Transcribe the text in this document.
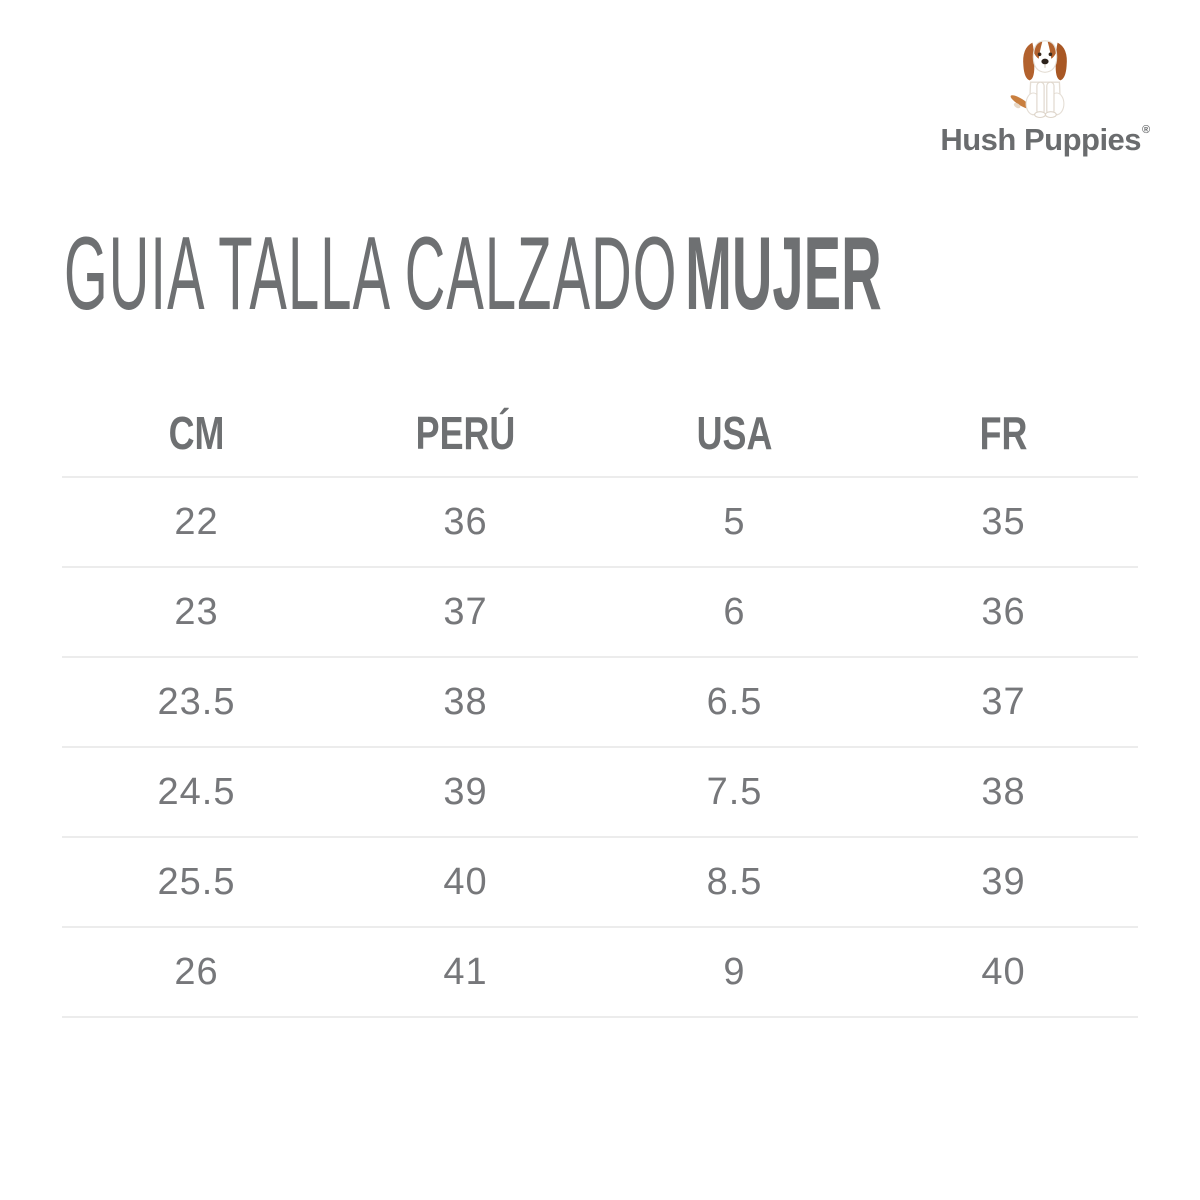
Hush Puppies®
GUIA TALLA CALZADOMUJER
CM	PERÚ	USA	FR
22	36	5	35
23	37	6	36
23.5	38	6.5	37
24.5	39	7.5	38
25.5	40	8.5	39
26	41	9	40
